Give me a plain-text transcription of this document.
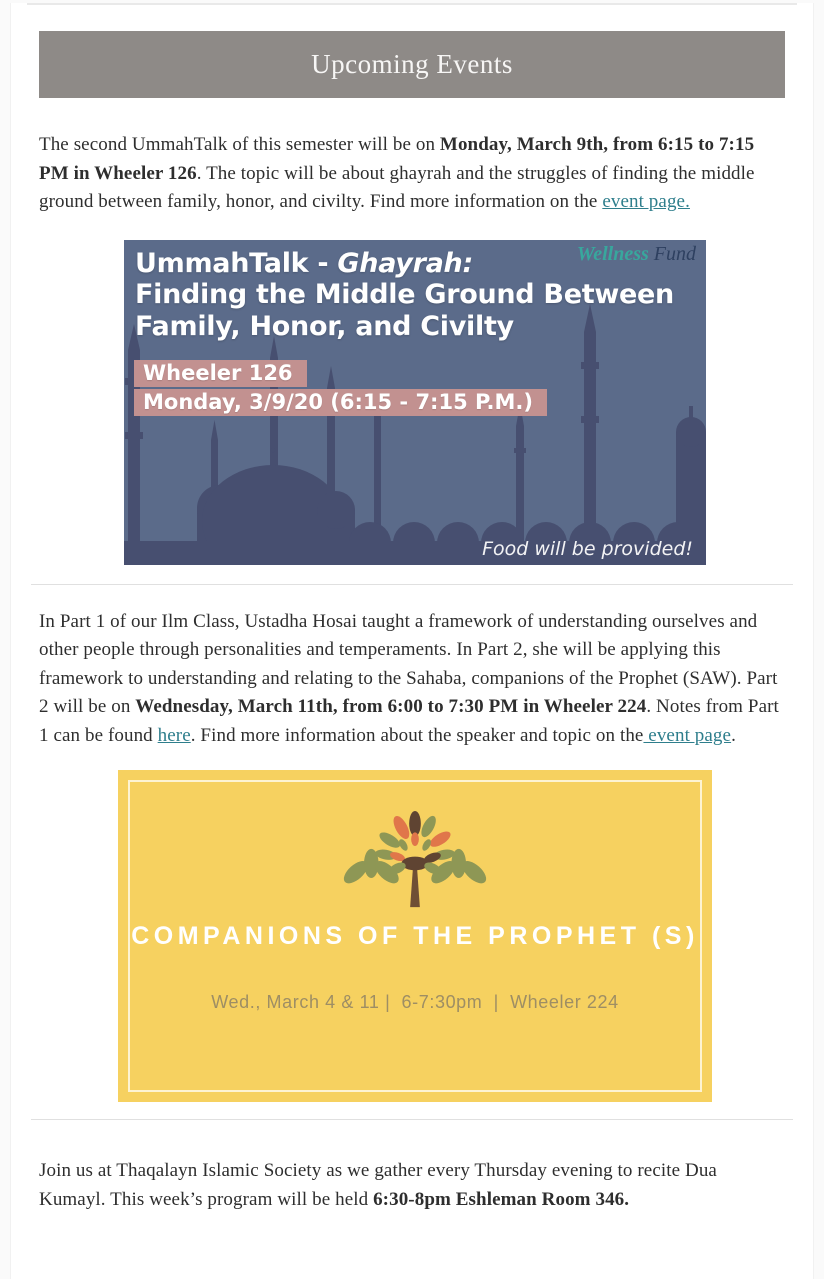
Upcoming Events

The second UmmahTalk of this semester will be on Monday, March 9th, from 6:15 to 7:15 PM in Wheeler 126. The topic will be about ghayrah and the struggles of finding the middle ground between family, honor, and civilty. Find more information on the event page.

Wellness Fund
UmmahTalk - Ghayrah:
Finding the Middle Ground Between
Family, Honor, and Civilty
Wheeler 126
Monday, 3/9/20 (6:15 - 7:15 P.M.)
Food will be provided!

In Part 1 of our Ilm Class, Ustadha Hosai taught a framework of understanding ourselves and other people through personalities and temperaments. In Part 2, she will be applying this framework to understanding and relating to the Sahaba, companions of the Prophet (SAW). Part 2 will be on Wednesday, March 11th, from 6:00 to 7:30 PM in Wheeler 224. Notes from Part 1 can be found here. Find more information about the speaker and topic on the event page.

COMPANIONS OF THE PROPHET (S)
Wed., March 4 & 11 |  6-7:30pm  |  Wheeler 224

Join us at Thaqalayn Islamic Society as we gather every Thursday evening to recite Dua Kumayl. This week’s program will be held 6:30-8pm Eshleman Room 346.
